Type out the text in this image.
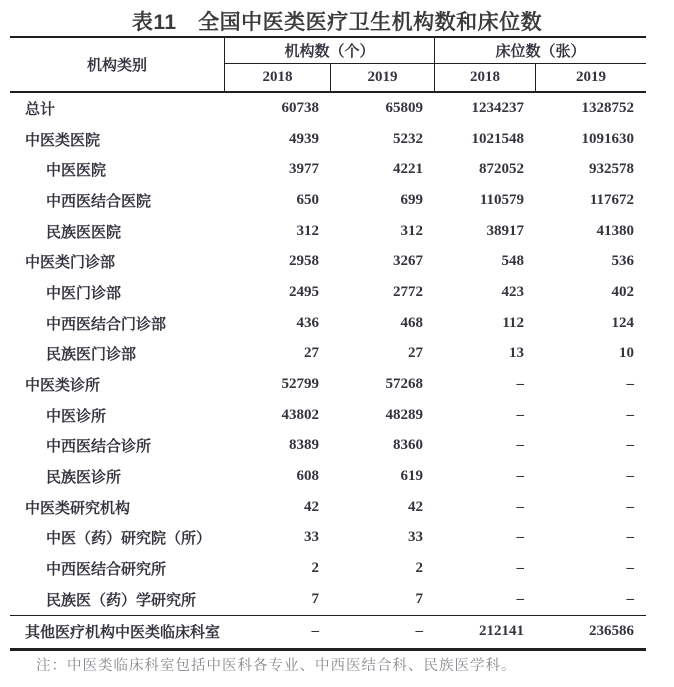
表11　全国中医类医疗卫生机构数和床位数
机构类别
机构数（个）	床位数（张）
2018	2019	2018	2019
总计	60738	65809	1234237	1328752
中医类医院	4939	5232	1021548	1091630
中医医院	3977	4221	872052	932578
中西医结合医院	650	699	110579	117672
民族医医院	312	312	38917	41380
中医类门诊部	2958	3267	548	536
中医门诊部	2495	2772	423	402
中西医结合门诊部	436	468	112	124
民族医门诊部	27	27	13	10
中医类诊所	52799	57268	–	–
中医诊所	43802	48289	–	–
中西医结合诊所	8389	8360	–	–
民族医诊所	608	619	–	–
中医类研究机构	42	42	–	–
中医（药）研究院（所）	33	33	–	–
中西医结合研究所	2	2	–	–
民族医（药）学研究所	7	7	–	–
其他医疗机构中医类临床科室	–	–	212141	236586
注：中医类临床科室包括中医科各专业、中西医结合科、民族医学科。
